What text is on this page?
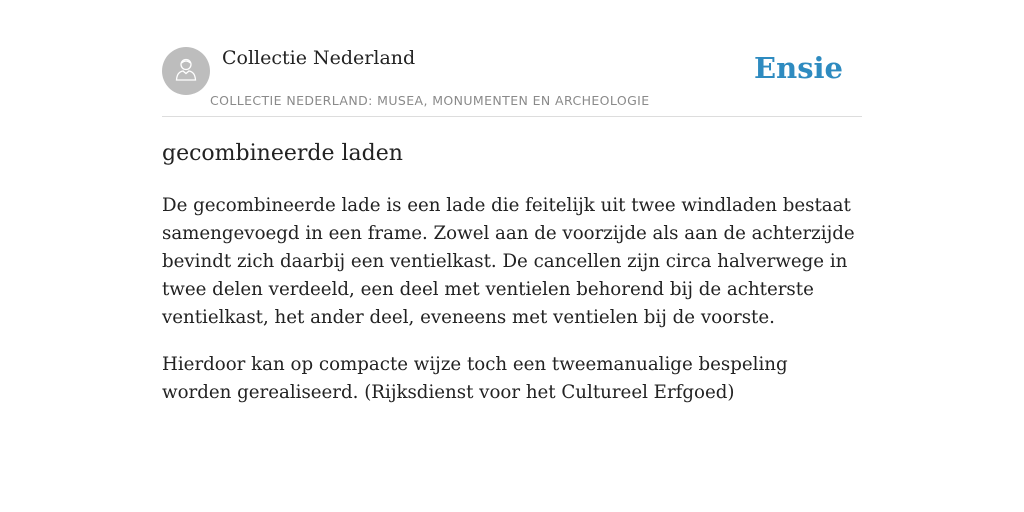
Collectie Nederland
COLLECTIE NEDERLAND: MUSEA, MONUMENTEN EN ARCHEOLOGIE
Ensie
gecombineerde laden

De gecombineerde lade is een lade die feitelijk uit twee windladen bestaat samengevoegd in een frame. Zowel aan de voorzijde als aan de achterzijde bevindt zich daarbij een ventielkast. De cancellen zijn circa halverwege in twee delen verdeeld, een deel met ventielen behorend bij de achterste ventielkast, het ander deel, eveneens met ventielen bij de voorste.

Hierdoor kan op compacte wijze toch een tweemanualige bespeling worden gerealiseerd. (Rijksdienst voor het Cultureel Erfgoed)
